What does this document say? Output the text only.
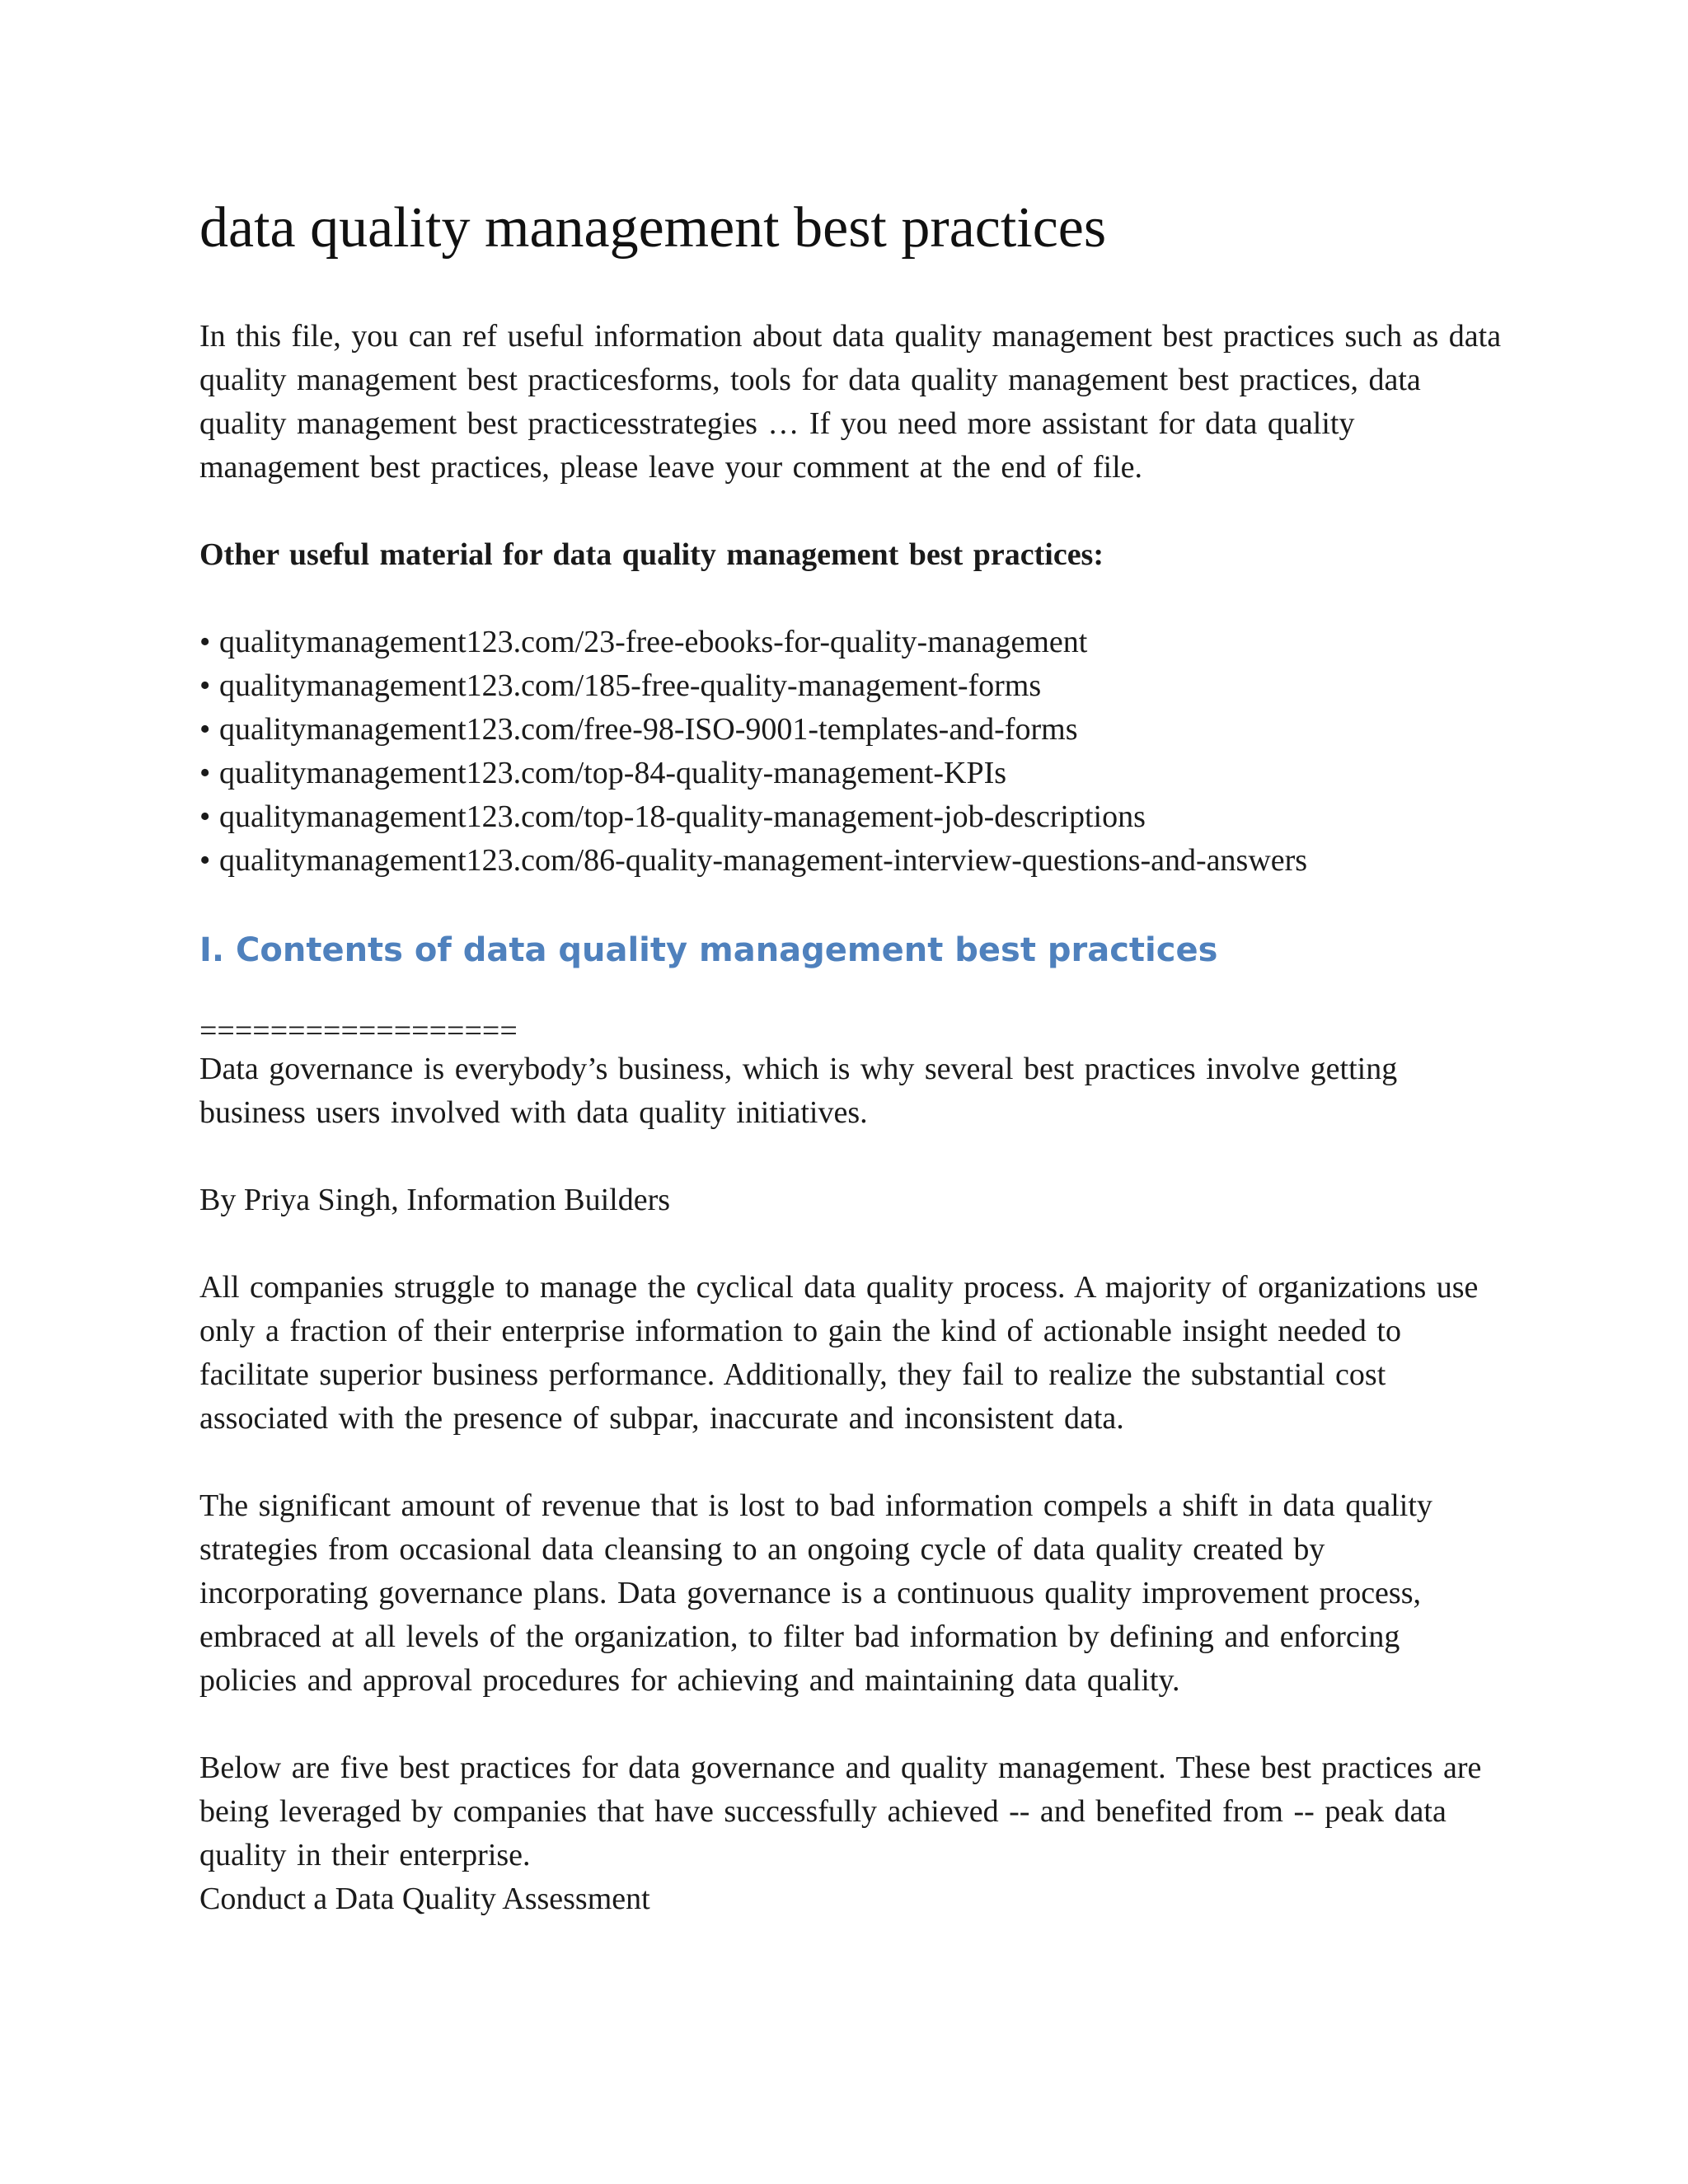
data quality management best practices

In this file, you can ref useful information about data quality management best practices such as data quality management best practicesforms, tools for data quality management best practices, data quality management best practicesstrategies … If you need more assistant for data quality management best practices, please leave your comment at the end of file.

Other useful material for data quality management best practices:

• qualitymanagement123.com/23-free-ebooks-for-quality-management
• qualitymanagement123.com/185-free-quality-management-forms
• qualitymanagement123.com/free-98-ISO-9001-templates-and-forms
• qualitymanagement123.com/top-84-quality-management-KPIs
• qualitymanagement123.com/top-18-quality-management-job-descriptions
• qualitymanagement123.com/86-quality-management-interview-questions-and-answers
I. Contents of data quality management best practices
==================

Data governance is everybody’s business, which is why several best practices involve getting business users involved with data quality initiatives.

By Priya Singh, Information Builders

All companies struggle to manage the cyclical data quality process. A majority of organizations use only a fraction of their enterprise information to gain the kind of actionable insight needed to facilitate superior business performance. Additionally, they fail to realize the substantial cost associated with the presence of subpar, inaccurate and inconsistent data.

The significant amount of revenue that is lost to bad information compels a shift in data quality strategies from occasional data cleansing to an ongoing cycle of data quality created by incorporating governance plans. Data governance is a continuous quality improvement process, embraced at all levels of the organization, to filter bad information by defining and enforcing policies and approval procedures for achieving and maintaining data quality.

Below are five best practices for data governance and quality management. These best practices are being leveraged by companies that have successfully achieved -- and benefited from -- peak data quality in their enterprise.

Conduct a Data Quality Assessment
